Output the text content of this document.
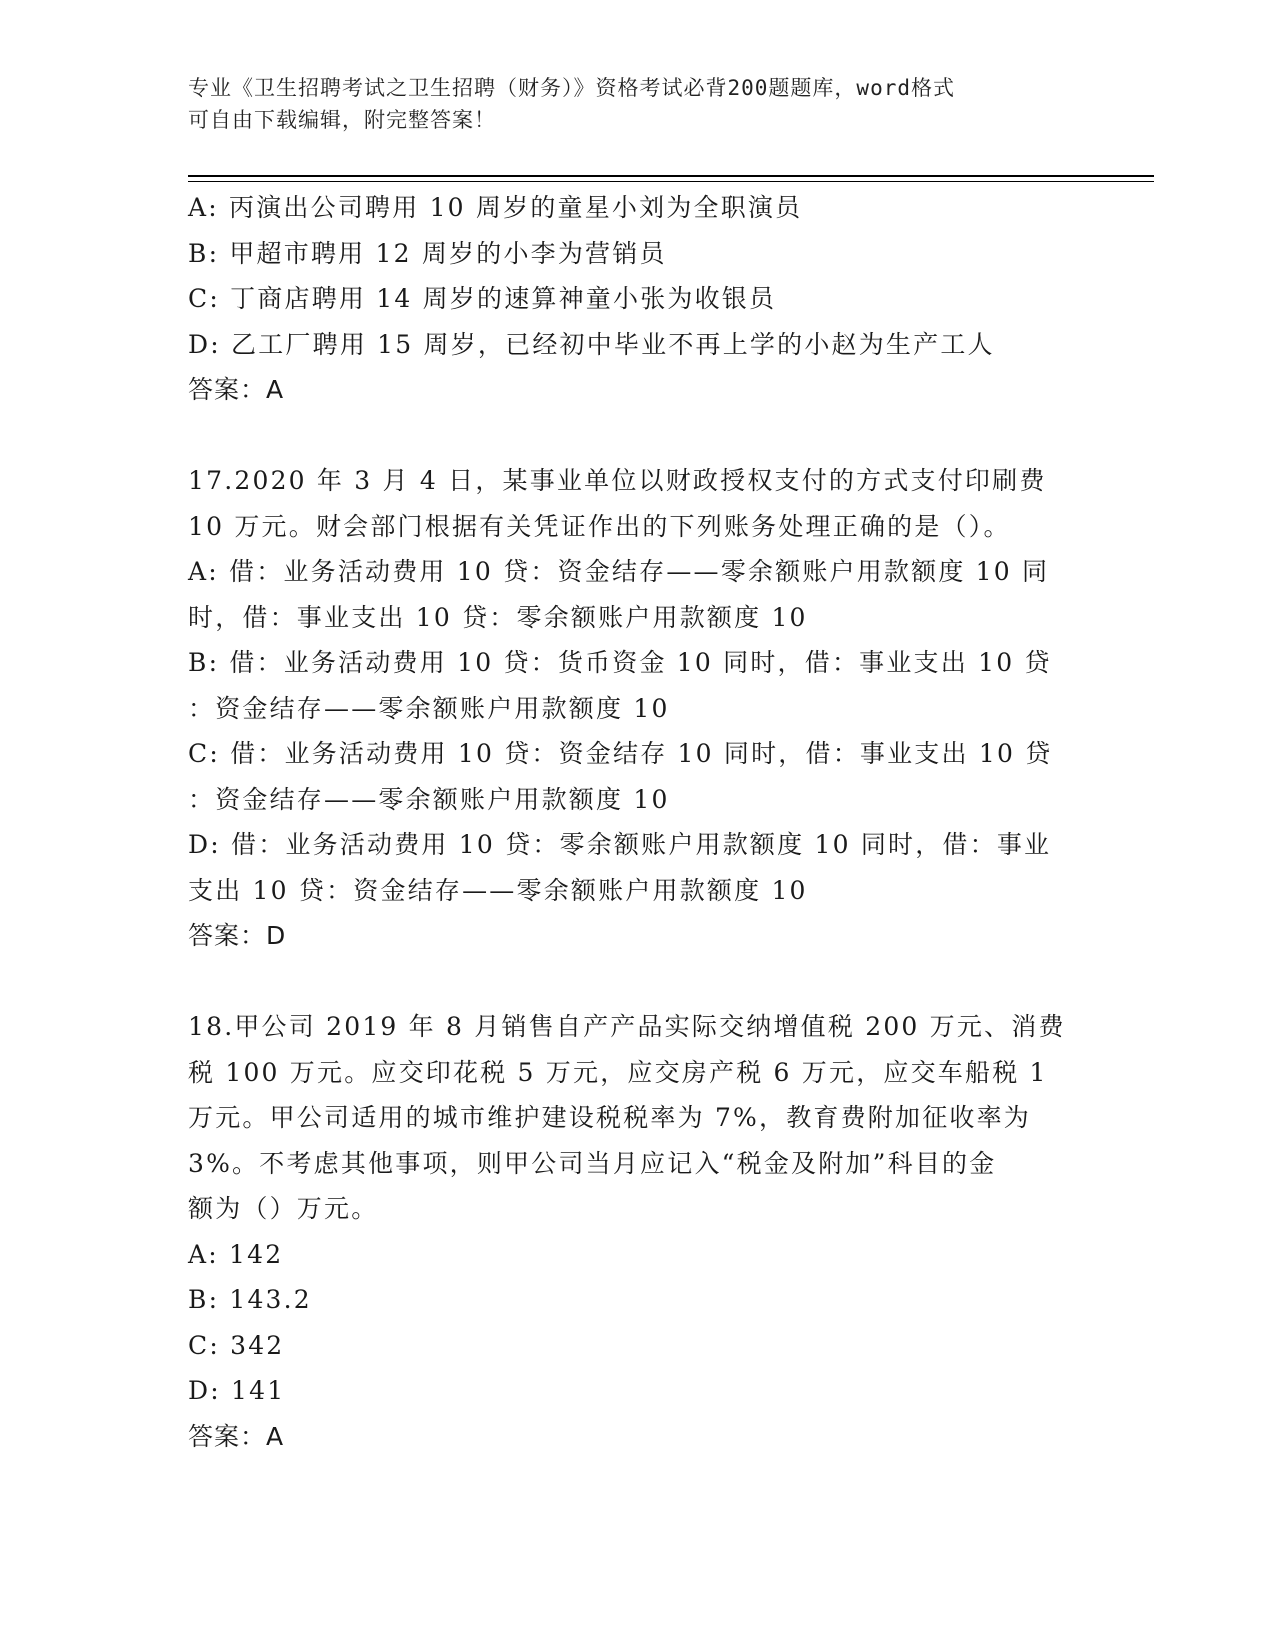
专业《卫生招聘考试之卫生招聘（财务）》资格考试必背200题题库，word格式
可自由下载编辑，附完整答案！
A: 丙演出公司聘用 10 周岁的童星小刘为全职演员
B: 甲超市聘用 12 周岁的小李为营销员
C: 丁商店聘用 14 周岁的速算神童小张为收银员
D: 乙工厂聘用 15 周岁，已经初中毕业不再上学的小赵为生产工人
答案：A
17.2020 年 3 月 4 日，某事业单位以财政授权支付的方式支付印刷费
10 万元。财会部门根据有关凭证作出的下列账务处理正确的是（）。
A: 借：业务活动费用 10 贷：资金结存——零余额账户用款额度 10 同
时，借：事业支出 10 贷：零余额账户用款额度 10
B: 借：业务活动费用 10 贷：货币资金 10 同时，借：事业支出 10 贷
：资金结存——零余额账户用款额度 10
C: 借：业务活动费用 10 贷：资金结存 10 同时，借：事业支出 10 贷
：资金结存——零余额账户用款额度 10
D: 借：业务活动费用 10 贷：零余额账户用款额度 10 同时，借：事业
支出 10 贷：资金结存——零余额账户用款额度 10
答案：D
18.甲公司 2019 年 8 月销售自产产品实际交纳增值税 200 万元、消费
税 100 万元。应交印花税 5 万元，应交房产税 6 万元，应交车船税 1
万元。甲公司适用的城市维护建设税税率为 7%，教育费附加征收率为
3%。不考虑其他事项，则甲公司当月应记入“税金及附加”科目的金
额为（）万元。
A: 142
B: 143.2
C: 342
D: 141
答案：A
